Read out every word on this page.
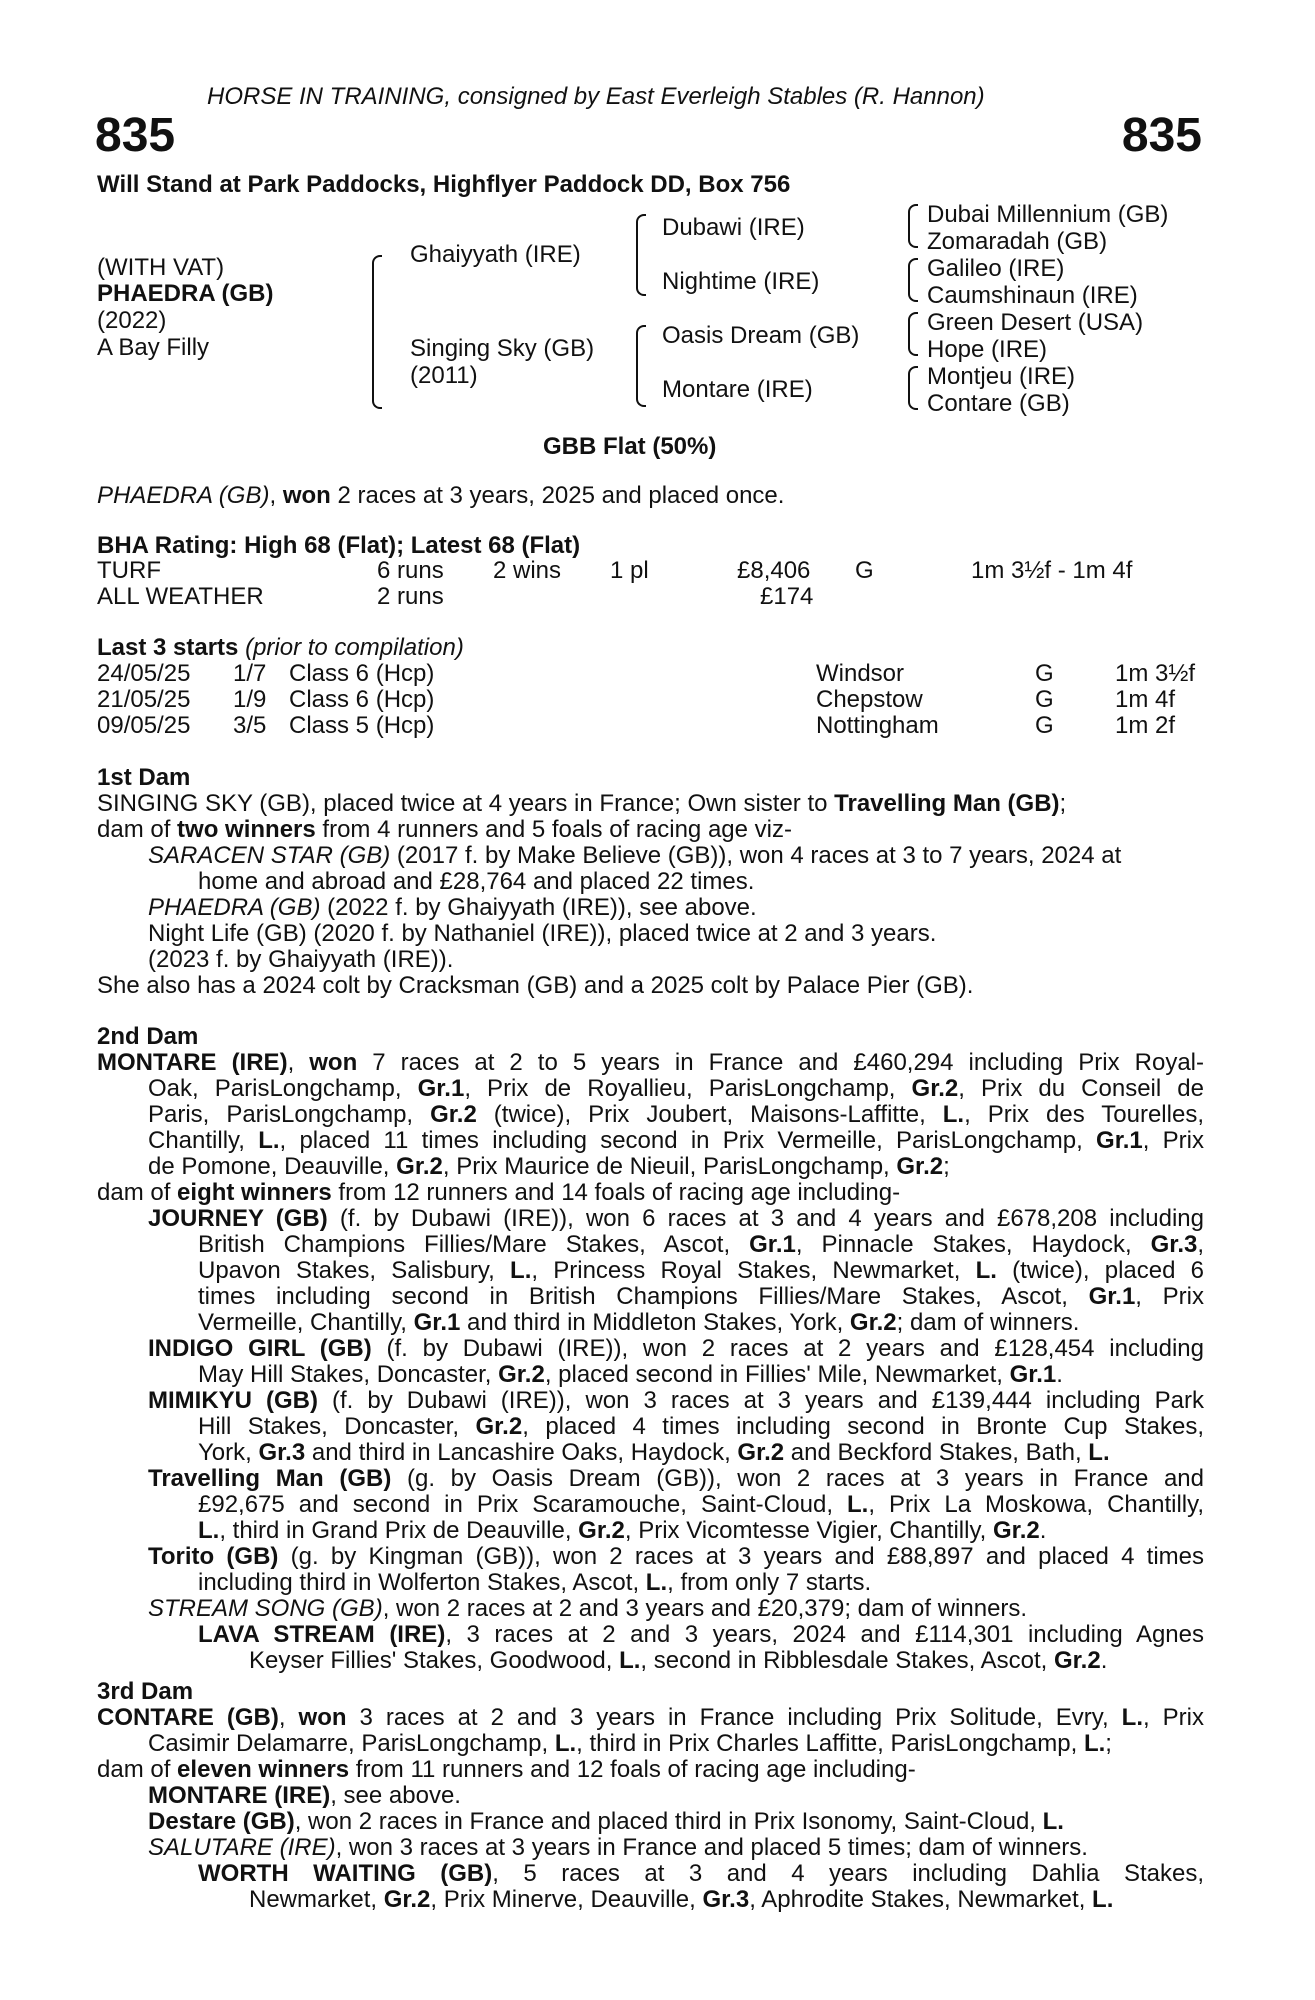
HORSE IN TRAINING, consigned by East Everleigh Stables (R. Hannon)
835	835
Will Stand at Park Paddocks, Highflyer Paddock DD, Box 756
(WITH VAT)
PHAEDRA (GB)
(2022)
A Bay Filly
Ghaiyyath (IRE)
Singing Sky (GB)
(2011)
Dubawi (IRE)
Nightime (IRE)
Oasis Dream (GB)
Montare (IRE)
Dubai Millennium (GB)
Zomaradah (GB)
Galileo (IRE)
Caumshinaun (IRE)
Green Desert (USA)
Hope (IRE)
Montjeu (IRE)
Contare (GB)
GBB Flat (50%)
PHAEDRA (GB), won 2 races at 3 years, 2025 and placed once.
BHA Rating: High 68 (Flat); Latest 68 (Flat)
TURF	6 runs 2 wins 1 pl	£8,406 G	1m 3½f - 1m 4f
ALL WEATHER	2 runs	£174
Last 3 starts (prior to compilation)
24/05/25 1/7 Class 6 (Hcp)	Windsor	G	1m 3½f
21/05/25 1/9 Class 6 (Hcp)	Chepstow	G	1m 4f
09/05/25 3/5 Class 5 (Hcp)	Nottingham	G	1m 2f
1st Dam
SINGING SKY (GB), placed twice at 4 years in France; Own sister to Travelling Man (GB);
dam of two winners from 4 runners and 5 foals of racing age viz-
SARACEN STAR (GB) (2017 f. by Make Believe (GB)), won 4 races at 3 to 7 years, 2024 at
home and abroad and £28,764 and placed 22 times.
PHAEDRA (GB) (2022 f. by Ghaiyyath (IRE)), see above.
Night Life (GB) (2020 f. by Nathaniel (IRE)), placed twice at 2 and 3 years.
(2023 f. by Ghaiyyath (IRE)).
She also has a 2024 colt by Cracksman (GB) and a 2025 colt by Palace Pier (GB).
2nd Dam
MONTARE (IRE), won 7 races at 2 to 5 years in France and £460,294 including Prix Royal-
Oak, ParisLongchamp, Gr.1, Prix de Royallieu, ParisLongchamp, Gr.2, Prix du Conseil de
Paris, ParisLongchamp, Gr.2 (twice), Prix Joubert, Maisons-Laffitte, L., Prix des Tourelles,
Chantilly, L., placed 11 times including second in Prix Vermeille, ParisLongchamp, Gr.1, Prix
de Pomone, Deauville, Gr.2, Prix Maurice de Nieuil, ParisLongchamp, Gr.2;
dam of eight winners from 12 runners and 14 foals of racing age including-
JOURNEY (GB) (f. by Dubawi (IRE)), won 6 races at 3 and 4 years and £678,208 including
British Champions Fillies/Mare Stakes, Ascot, Gr.1, Pinnacle Stakes, Haydock, Gr.3,
Upavon Stakes, Salisbury, L., Princess Royal Stakes, Newmarket, L. (twice), placed 6
times including second in British Champions Fillies/Mare Stakes, Ascot, Gr.1, Prix
Vermeille, Chantilly, Gr.1 and third in Middleton Stakes, York, Gr.2; dam of winners.
INDIGO GIRL (GB) (f. by Dubawi (IRE)), won 2 races at 2 years and £128,454 including
May Hill Stakes, Doncaster, Gr.2, placed second in Fillies' Mile, Newmarket, Gr.1.
MIMIKYU (GB) (f. by Dubawi (IRE)), won 3 races at 3 years and £139,444 including Park
Hill Stakes, Doncaster, Gr.2, placed 4 times including second in Bronte Cup Stakes,
York, Gr.3 and third in Lancashire Oaks, Haydock, Gr.2 and Beckford Stakes, Bath, L.
Travelling Man (GB) (g. by Oasis Dream (GB)), won 2 races at 3 years in France and
£92,675 and second in Prix Scaramouche, Saint-Cloud, L., Prix La Moskowa, Chantilly,
L., third in Grand Prix de Deauville, Gr.2, Prix Vicomtesse Vigier, Chantilly, Gr.2.
Torito (GB) (g. by Kingman (GB)), won 2 races at 3 years and £88,897 and placed 4 times
including third in Wolferton Stakes, Ascot, L., from only 7 starts.
STREAM SONG (GB), won 2 races at 2 and 3 years and £20,379; dam of winners.
LAVA STREAM (IRE), 3 races at 2 and 3 years, 2024 and £114,301 including Agnes
Keyser Fillies' Stakes, Goodwood, L., second in Ribblesdale Stakes, Ascot, Gr.2.
3rd Dam
CONTARE (GB), won 3 races at 2 and 3 years in France including Prix Solitude, Evry, L., Prix
Casimir Delamarre, ParisLongchamp, L., third in Prix Charles Laffitte, ParisLongchamp, L.;
dam of eleven winners from 11 runners and 12 foals of racing age including-
MONTARE (IRE), see above.
Destare (GB), won 2 races in France and placed third in Prix Isonomy, Saint-Cloud, L.
SALUTARE (IRE), won 3 races at 3 years in France and placed 5 times; dam of winners.
WORTH WAITING (GB), 5 races at 3 and 4 years including Dahlia Stakes,
Newmarket, Gr.2, Prix Minerve, Deauville, Gr.3, Aphrodite Stakes, Newmarket, L.
